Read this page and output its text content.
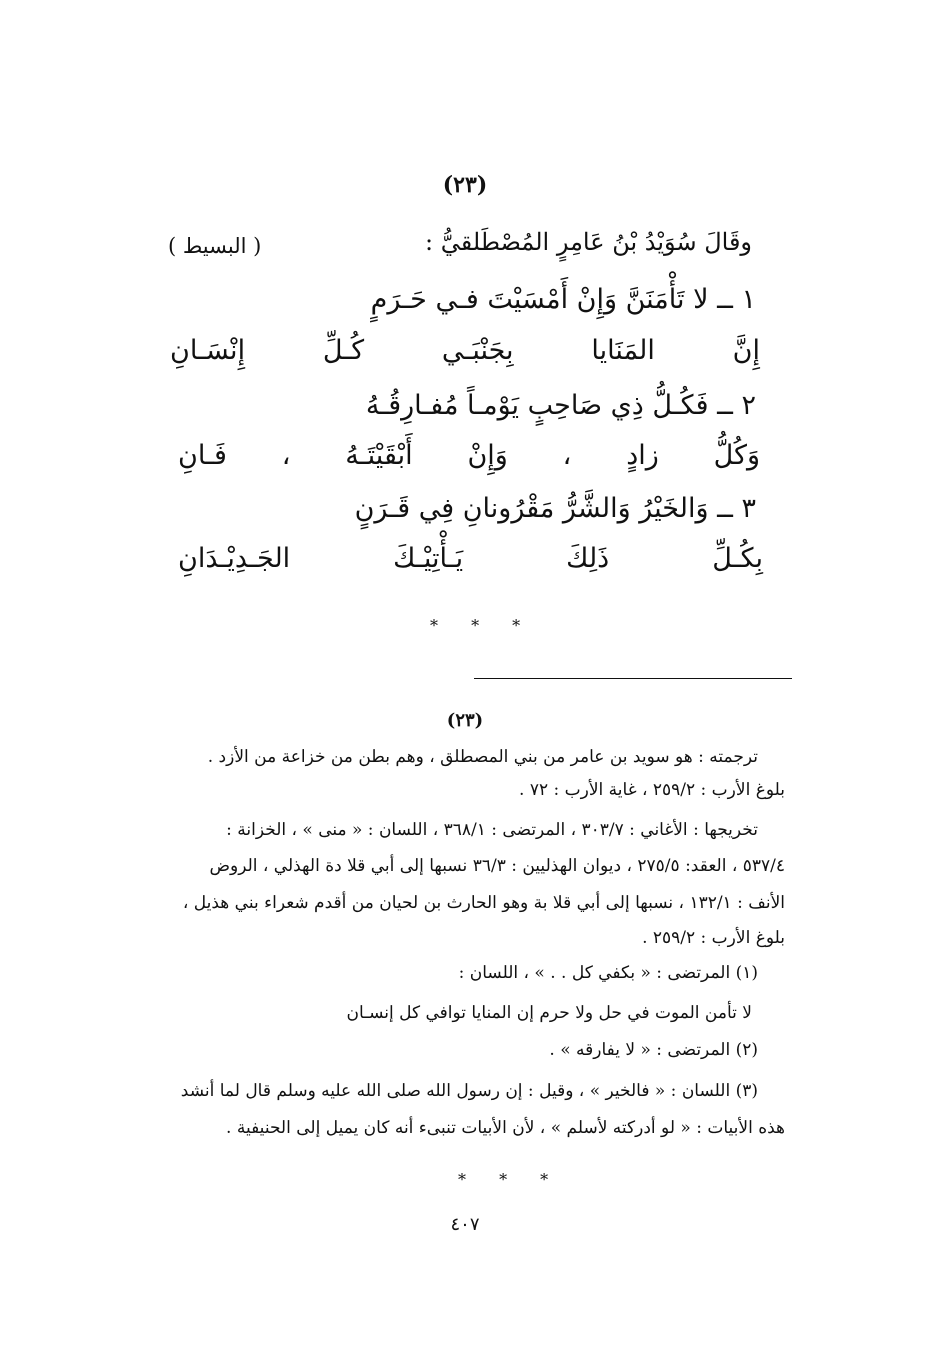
(٢٣)
وقَالَ سُوَيْدُ بْنُ عَامِرٍ المُصْطَلقيُّ :
( البسيط )
١ ــ لا تَأْمَنَنَّ وَإِنْ أَمْسَيْتَ فـي حَـرَمٍ
إِنَّ المَنَايا بِجَنْبَـي كُـلِّ إِنْسَـانِ
٢ ــ فَكُـلُّ ذِي صَاحِبٍ يَوْمـاً مُفـارِقُـهُ
وَكُلُّ زادٍ ، وَإِنْ أَبْقَيْتَـهُ ، فَـانِ
٣ ــ وَالخَيْرُ وَالشَّرُّ مَقْرُونانِ فِي قَـرَنٍ
بِكُـلِّ ذَلِكَ يَـأْتِيْـكَ الجَـدِيْـدَانِ
* * *
(٢٣)
ترجمته : هو سويد بن عامر من بني المصطلق ، وهم بطن من خزاعة من الأزد .
بلوغ الأرب : ٢٥٩/٢ ، غاية الأرب : ٧٢ .
تخريجها : الأغاني : ٣٠٣/٧ ، المرتضى : ٣٦٨/١ ، اللسان : « منى » ، الخزانة :
٥٣٧/٤ ، العقد: ٢٧٥/٥ ، ديوان الهذليين : ٣٦/٣ نسبها إلى أبي قلا دة الهذلي ، الروض
الأنف : ١٣٢/١ ، نسبها إلى أبي قلا بة وهو الحارث بن لحيان من أقدم شعراء بني هذيل ،
بلوغ الأرب : ٢٥٩/٢ .
(١) المرتضى : « بكفي كل . . » ، اللسان :
لا تأمن الموت في حل ولا حرم إن المنايا توافي كل إنسـان
(٢) المرتضى : « لا يفارقه » .
(٣) اللسان : « فالخير » ، وقيل : إن رسول الله صلى الله عليه وسلم قال لما أنشد
هذه الأبيات : « لو أدركته لأسلم » ، لأن الأبيات تنبىء أنه كان يميل إلى الحنيفية .
* * *
٤٠٧
